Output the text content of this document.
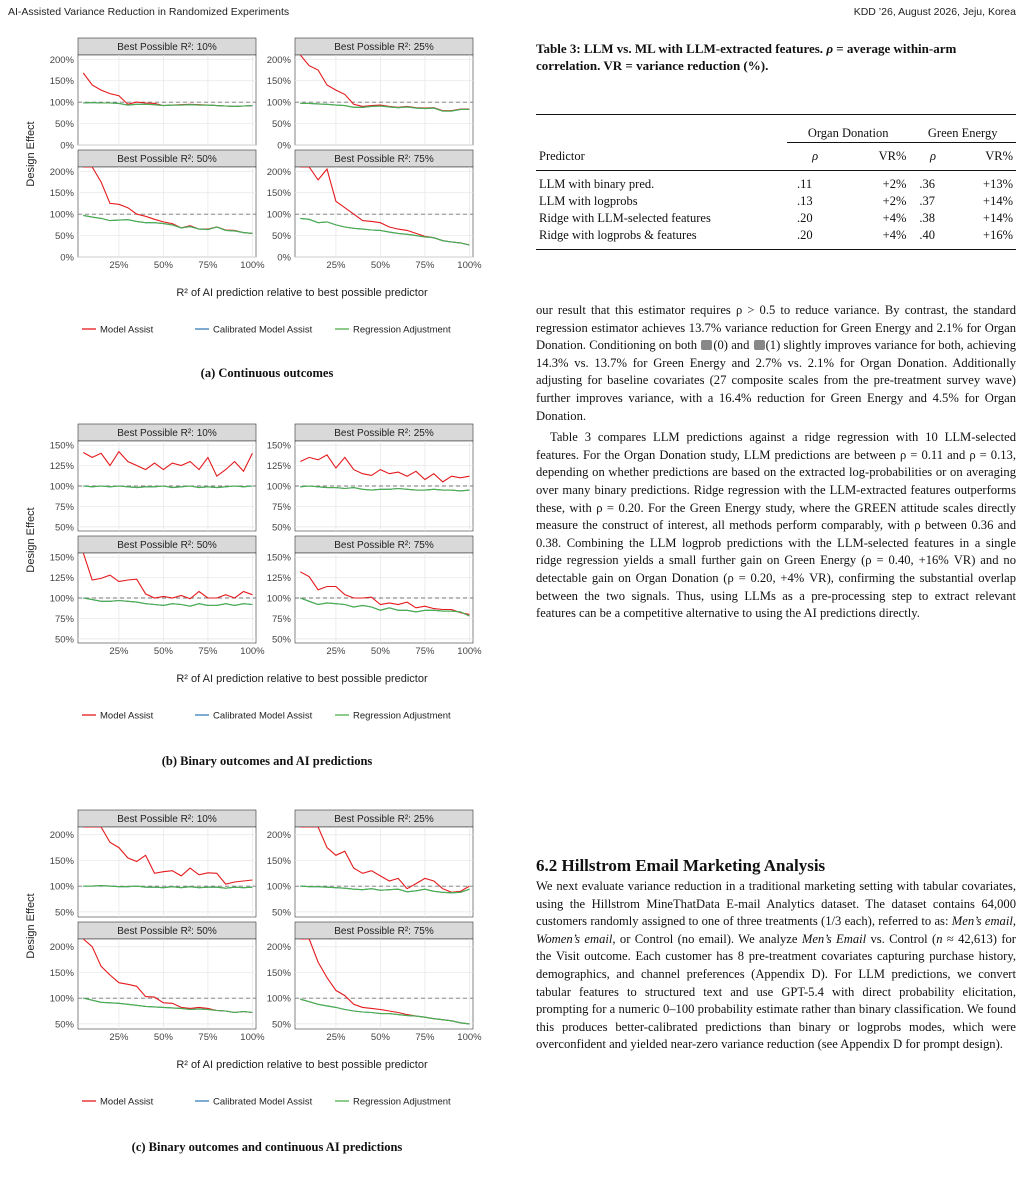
AI-Assisted Variance Reduction in Randomized Experiments	KDD ’26, August 2026, Jeju, Korea
Design Effect
Best Possible R²: 10%
200%
150%
100%
50%
0%
Best Possible R²: 25%
200%
150%
100%
50%
0%
Best Possible R²: 50%
200%
150%
100%
50%
0%
25%	50%	75% 100%
Best Possible R²: 75%
200%
150%
100%
50%
0%
25%	50%	75% 100%
R² of AI prediction relative to best possible predictor
Model Assist	Calibrated Model Assist	Regression Adjustment
(a) Continuous outcomes
Design Effect
Best Possible R²: 10%
150%
125%
100%
75%
50%
Best Possible R²: 25%
150%
125%
100%
75%
50%
Best Possible R²: 50%
150%
125%
100%
75%
50%
25%	50%	75% 100%
Best Possible R²: 75%
150%
125%
100%
75%
50%
25%	50%	75% 100%
R² of AI prediction relative to best possible predictor
Model Assist	Calibrated Model Assist	Regression Adjustment
(b) Binary outcomes and AI predictions
Design Effect
Best Possible R²: 10%
200%
150%
100%
50%
Best Possible R²: 25%
200%
150%
100%
50%
Best Possible R²: 50%
200%
150%
100%
50%
25%	50%	75% 100%
Best Possible R²: 75%
200%
150%
100%
50%
25%	50%	75% 100%
R² of AI prediction relative to best possible predictor
Model Assist	Calibrated Model Assist	Regression Adjustment
(c) Binary outcomes and continuous AI predictions
Table 3: LLM vs. ML with LLM-extracted features. ρ = average within-arm correlation. VR = variance reduction (%).

	Organ Donation		Green Energy	
Predictor	ρ	VR%	ρ	VR%
LLM with binary pred.	.11	+2%	.36	+13%
LLM with logprobs	.13	+2%	.37	+14%
Ridge with LLM-selected features	.20	+4%	.38	+14%
Ridge with logprobs & features	.20	+4%	.40	+16%

our result that this estimator requires ρ > 0.5 to reduce variance. By contrast, the standard regression estimator achieves 13.7% variance reduction for Green Energy and 2.1% for Organ Donation. Conditioning on both (0) and (1) slightly improves variance for both, achieving 14.3% vs. 13.7% for Green Energy and 2.7% vs. 2.1% for Organ Donation. Additionally adjusting for baseline covariates (27 composite scales from the pre-treatment survey wave) further improves variance, with a 16.4% reduction for Green Energy and 4.5% for Organ Donation.

Table 3 compares LLM predictions against a ridge regression with 10 LLM-selected features. For the Organ Donation study, LLM predictions are between ρ = 0.11 and ρ = 0.13, depending on whether predictions are based on the extracted log-probabilities or on averaging over many binary predictions. Ridge regression with the LLM-extracted features outperforms these, with ρ = 0.20. For the Green Energy study, where the GREEN attitude scales directly measure the construct of interest, all methods perform comparably, with ρ between 0.36 and 0.38. Combining the LLM logprob predictions with the LLM-selected features in a single ridge regression yields a small further gain on Green Energy (ρ = 0.40, +16% VR) and no detectable gain on Organ Donation (ρ = 0.20, +4% VR), confirming the substantial overlap between the two signals. Thus, using LLMs as a pre-processing step to extract relevant features can be a competitive alternative to using the AI predictions directly.

6.2 Hillstrom Email Marketing Analysis

We next evaluate variance reduction in a traditional marketing setting with tabular covariates, using the Hillstrom MineThatData E-mail Analytics dataset. The dataset contains 64,000 customers randomly assigned to one of three treatments (1/3 each), referred to as: Men’s email, Women’s email, or Control (no email). We analyze Men’s Email vs. Control (n ≈ 42,613) for the Visit outcome. Each customer has 8 pre-treatment covariates capturing purchase history, demographics, and channel preferences (Appendix D). For LLM predictions, we convert tabular features to structured text and use GPT-5.4 with direct probability elicitation, prompting for a numeric 0–100 probability estimate rather than binary classification. We found this produces better-calibrated predictions than binary or logprobs modes, which were overconfident and yielded near-zero variance reduction (see Appendix D for prompt design).
